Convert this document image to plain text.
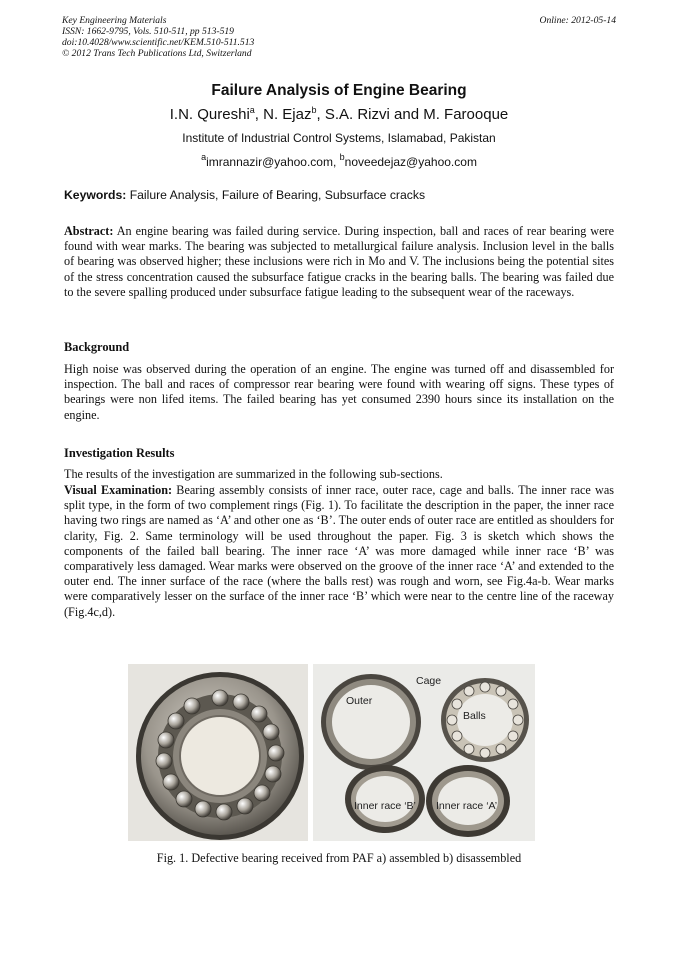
Key Engineering Materials
ISSN: 1662-9795, Vols. 510-511, pp 513-519
doi:10.4028/www.scientific.net/KEM.510-511.513
© 2012 Trans Tech Publications Ltd, Switzerland
Online: 2012-05-14
Failure Analysis of Engine Bearing
I.N. Qureshi$^a$, N. Ejaz$^b$, S.A. Rizvi and M. Farooque
Institute of Industrial Control Systems, Islamabad, Pakistan
$^a$imrannazir@yahoo.com, $^b$noveedejaz@yahoo.com
Keywords: Failure Analysis, Failure of Bearing, Subsurface cracks
Abstract: An engine bearing was failed during service. During inspection, ball and races of rear bearing were found with wear marks. The bearing was subjected to metallurgical failure analysis. Inclusion level in the balls of bearing was observed higher; these inclusions were rich in Mo and V. The inclusions being the potential sites of the stress concentration caused the subsurface fatigue cracks in the bearing balls. The bearing was failed due to the severe spalling produced under subsurface fatigue leading to the subsequent wear of the raceways.
Background
High noise was observed during the operation of an engine. The engine was turned off and disassembled for inspection. The ball and races of compressor rear bearing were found with wearing off signs. These types of bearings were non lifed items. The failed bearing has yet consumed 2390 hours since its installation on the engine.
Investigation Results
The results of the investigation are summarized in the following sub-sections.
Visual Examination: Bearing assembly consists of inner race, outer race, cage and balls. The inner race was split type, in the form of two complement rings (Fig. 1). To facilitate the description in the paper, the inner race having two rings are named as ‘A’ and other one as ‘B’. The outer ends of outer race are entitled as shoulders for clarity, Fig. 2. Same terminology will be used throughout the paper. Fig. 3 is sketch which shows the components of the failed ball bearing. The inner race ‘A’ was more damaged while inner race ‘B’ was comparatively less damaged. Wear marks were observed on the groove of the inner race ‘A’ and extended to the outer end. The inner surface of the race (where the balls rest) was rough and worn, see Fig.4a-b. Wear marks were comparatively lesser on the surface of the inner race ‘B’ which were near to the centre line of the raceway (Fig.4c,d).
Cage
Outer
Balls
Inner race ‘B’ Inner race ‘A’
Fig. 1. Defective bearing received from PAF a) assembled b) disassembled
